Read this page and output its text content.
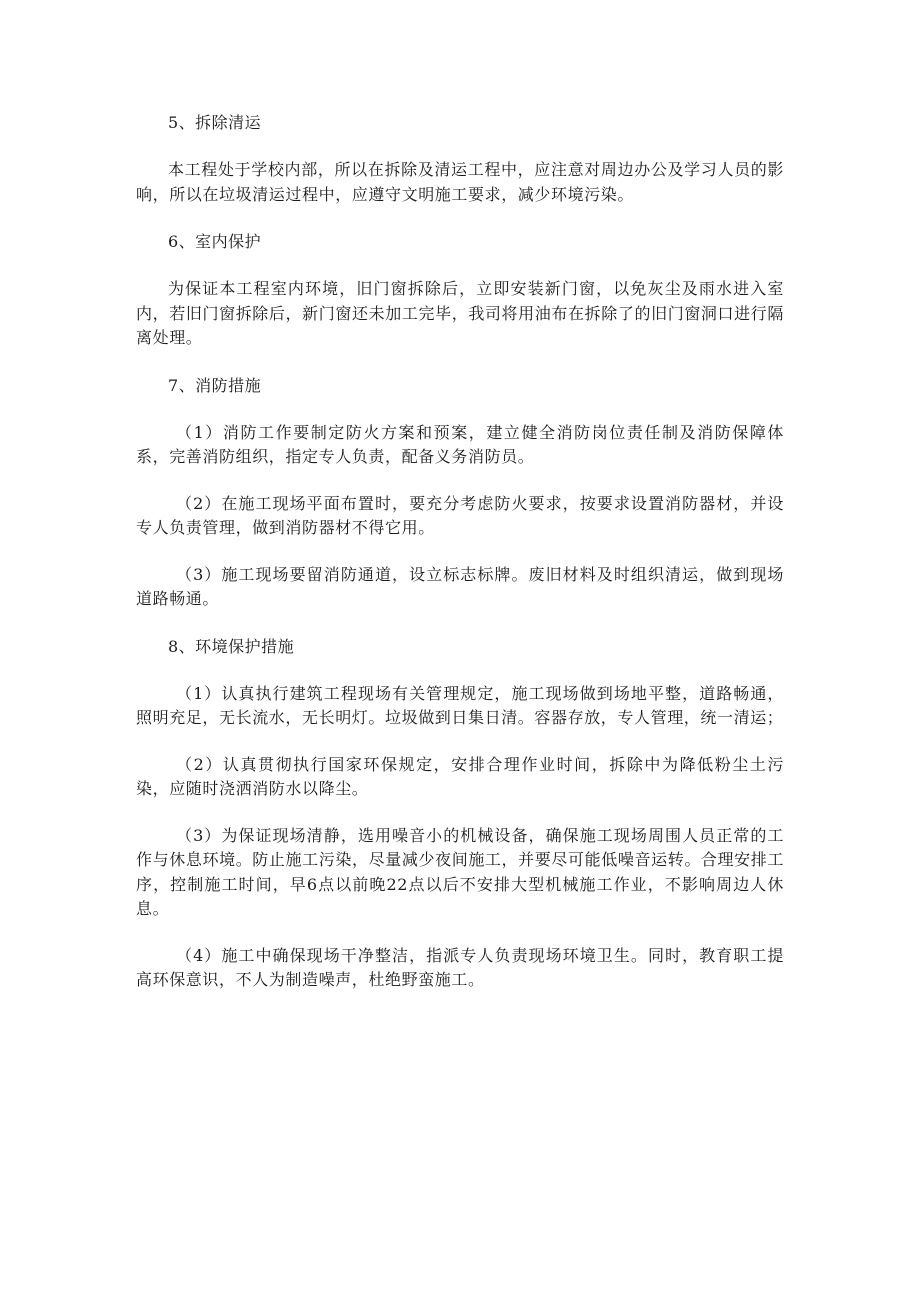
5、拆除清运

本工程处于学校内部，所以在拆除及清运工程中，应注意对周边办公及学习人员的影响，所以在垃圾清运过程中，应遵守文明施工要求，减少环境污染。

6、室内保护

为保证本工程室内环境，旧门窗拆除后，立即安装新门窗，以免灰尘及雨水进入室内，若旧门窗拆除后，新门窗还未加工完毕，我司将用油布在拆除了的旧门窗洞口进行隔离处理。

7、消防措施

（1）消防工作要制定防火方案和预案，建立健全消防岗位责任制及消防保障体系，完善消防组织，指定专人负责，配备义务消防员。

（2）在施工现场平面布置时，要充分考虑防火要求，按要求设置消防器材，并设专人负责管理，做到消防器材不得它用。

（3）施工现场要留消防通道，设立标志标牌。废旧材料及时组织清运，做到现场道路畅通。

8、环境保护措施

（1）认真执行建筑工程现场有关管理规定，施工现场做到场地平整，道路畅通，照明充足，无长流水，无长明灯。垃圾做到日集日清。容器存放，专人管理，统一清运；

（2）认真贯彻执行国家环保规定，安排合理作业时间，拆除中为降低粉尘土污染，应随时浇洒消防水以降尘。

（3）为保证现场清静，选用噪音小的机械设备，确保施工现场周围人员正常的工作与休息环境。防止施工污染，尽量减少夜间施工，并要尽可能低噪音运转。合理安排工序，控制施工时间，早6点以前晚22点以后不安排大型机械施工作业，不影响周边人休息。

（4）施工中确保现场干净整洁，指派专人负责现场环境卫生。同时，教育职工提高环保意识，不人为制造噪声，杜绝野蛮施工。
